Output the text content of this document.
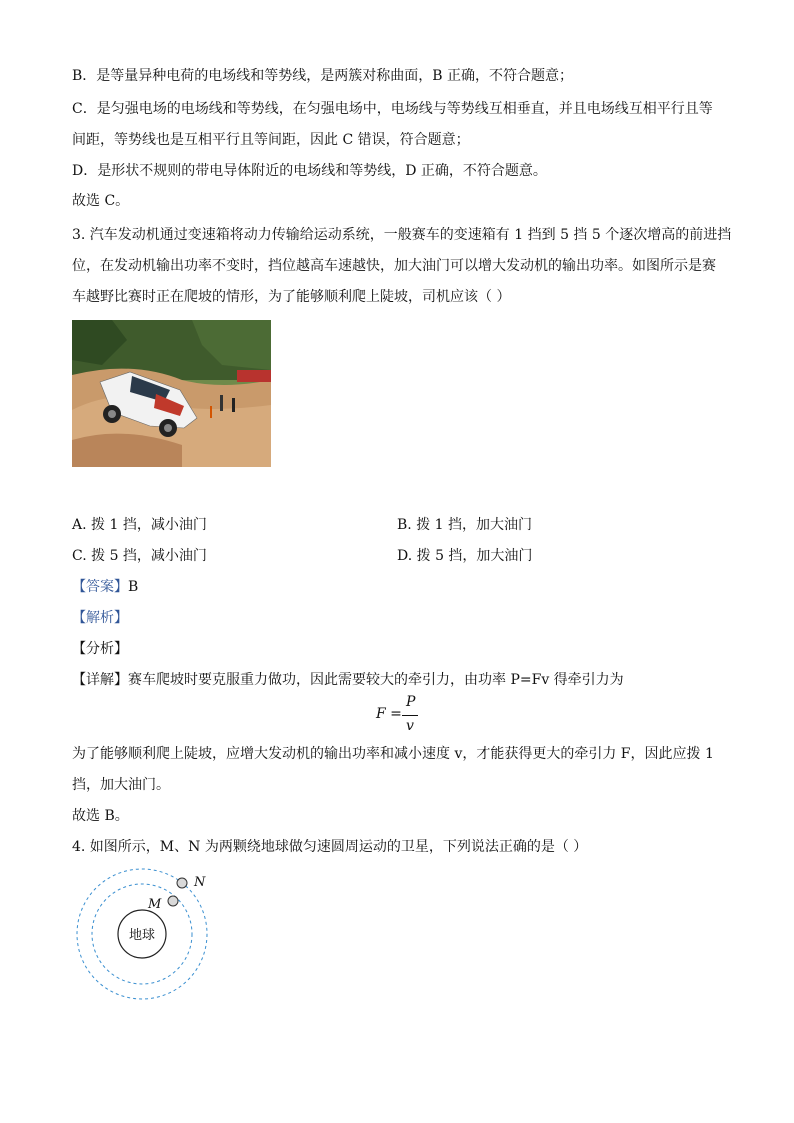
B．是等量异种电荷的电场线和等势线，是两簇对称曲面，B 正确，不符合题意；
C．是匀强电场的电场线和等势线，在匀强电场中，电场线与等势线互相垂直，并且电场线互相平行且等
间距，等势线也是互相平行且等间距，因此 C 错误，符合题意；
D．是形状不规则的带电导体附近的电场线和等势线，D 正确，不符合题意。
故选 C。
3. 汽车发动机通过变速箱将动力传输给运动系统，一般赛车的变速箱有 1 挡到 5 挡 5 个逐次增高的前进挡
位，在发动机输出功率不变时，挡位越高车速越快，加大油门可以增大发动机的输出功率。如图所示是赛
车越野比赛时正在爬坡的情形，为了能够顺利爬上陡坡，司机应该（ ）
A. 拨 1 挡，减小油门	B. 拨 1 挡，加大油门
C. 拨 5 挡，减小油门	D. 拨 5 挡，加大油门
【答案】B
【解析】
【分析】
【详解】赛车爬坡时要克服重力做功，因此需要较大的牵引力，由功率 P=Fv 得牵引力为
F =
P
v
为了能够顺利爬上陡坡，应增大发动机的输出功率和减小速度 v，才能获得更大的牵引力 F，因此应拨 1
挡，加大油门。
故选 B。
4. 如图所示，M、N 为两颗绕地球做匀速圆周运动的卫星，下列说法正确的是（ ）
地球
M
N
